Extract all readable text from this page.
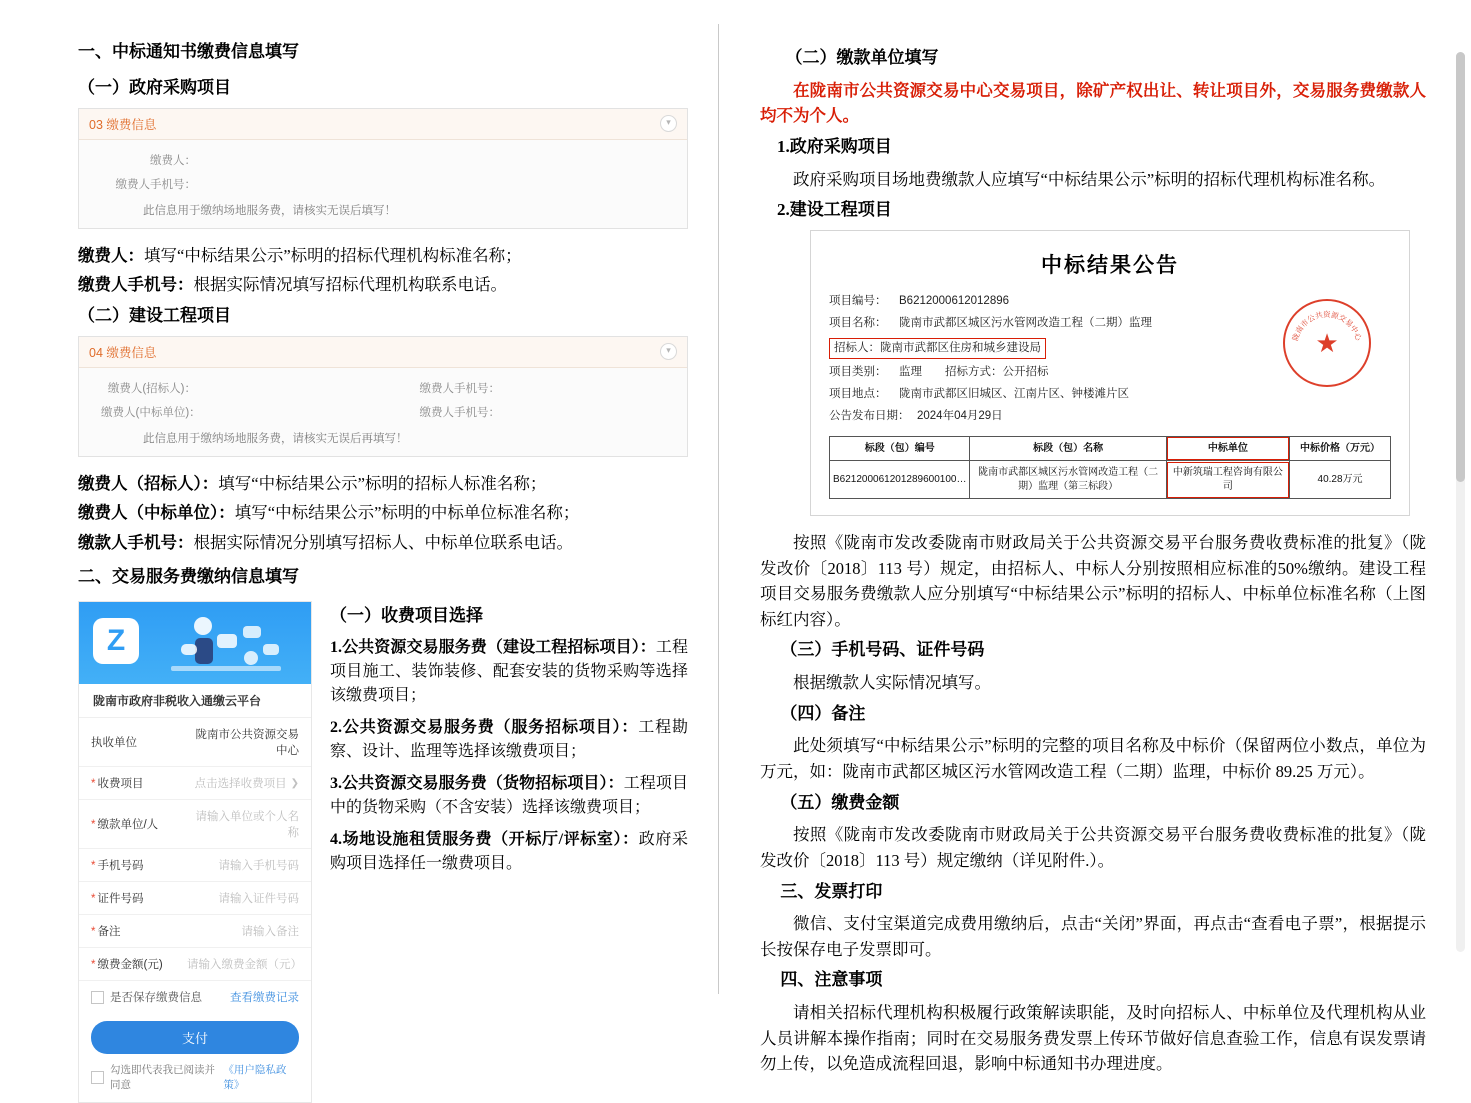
一、中标通知书缴费信息填写
（一）政府采购项目
03 缴费信息	▾
缴费人：
缴费人手机号：
此信息用于缴纳场地服务费，请核实无误后填写！

缴费人：填写“中标结果公示”标明的招标代理机构标准名称；

缴费人手机号：根据实际情况填写招标代理机构联系电话。

（二）建设工程项目
04 缴费信息	▾
缴费人(招标人)：	缴费人手机号：
缴费人(中标单位)：	缴费人手机号：
此信息用于缴纳场地服务费，请核实无误后再填写！

缴费人（招标人）：填写“中标结果公示”标明的招标人标准名称；

缴费人（中标单位）：填写“中标结果公示”标明的中标单位标准名称；

缴款人手机号：根据实际情况分别填写招标人、中标单位联系电话。

二、交易服务费缴纳信息填写
Z
陇南市政府非税收入通缴云平台
执收单位
陇南市公共资源交易中心
* 收费项目	点击选择收费项目 ❯
* 缴款单位/人
请输入单位或个人名称
* 手机号码	请输入手机号码
* 证件号码	请输入证件号码
* 备注	请输入备注
* 缴费金额(元)	请输入缴费金额（元）
是否保存缴费信息 查看缴费记录
支付
勾选即代表我已阅读并同意
《用户隐私政策》
（一）收费项目选择

1.公共资源交易服务费（建设工程招标项目）：工程项目施工、装饰装修、配套安装的货物采购等选择该缴费项目；

2.公共资源交易服务费（服务招标项目）：工程勘察、设计、监理等选择该缴费项目；

3.公共资源交易服务费（货物招标项目）：工程项目中的货物采购（不含安装）选择该缴费项目；

4.场地设施租赁服务费（开标厅/评标室）：政府采购项目选择任一缴费项目。

（二）缴款单位填写

在陇南市公共资源交易中心交易项目，除矿产权出让、转让项目外，交易服务费缴款人均不为个人。

1.政府采购项目

政府采购项目场地费缴款人应填写“中标结果公示”标明的招标代理机构标准名称。

2.建设工程项目
中标结果公告
★
陇南市公共资源交易中心
项目编号： B6212000612012896
项目名称： 陇南市武都区城区污水管网改造工程（二期）监理
招标人：陇南市武都区住房和城乡建设局
项目类别： 监理　　招标方式：公开招标
项目地点： 陇南市武都区旧城区、江南片区、钟楼滩片区
公告发布日期： 2024年04月29日
标段（包）编号	标段（包）名称	中标单位	中标价格（万元）
B621200061201289600100…	陇南市武都区城区污水管网改造工程（二期）监理（第三标段）	中新筑瑞工程咨询有限公司	40.28万元

按照《陇南市发改委陇南市财政局关于公共资源交易平台服务费收费标准的批复》（陇发改价〔2018〕113 号）规定，由招标人、中标人分别按照相应标准的50%缴纳。建设工程项目交易服务费缴款人应分别填写“中标结果公示”标明的招标人、中标单位标准名称（上图标红内容）。

（三）手机号码、证件号码

根据缴款人实际情况填写。

（四）备注

此处须填写“中标结果公示”标明的完整的项目名称及中标价（保留两位小数点，单位为万元，如：陇南市武都区城区污水管网改造工程（二期）监理，中标价 89.25 万元）。

（五）缴费金额

按照《陇南市发改委陇南市财政局关于公共资源交易平台服务费收费标准的批复》（陇发改价〔2018〕113 号）规定缴纳（详见附件.）。

三、发票打印

微信、支付宝渠道完成费用缴纳后，点击“关闭”界面，再点击“查看电子票”，根据提示长按保存电子发票即可。

四、注意事项

请相关招标代理机构积极履行政策解读职能，及时向招标人、中标单位及代理机构从业人员讲解本操作指南；同时在交易服务费发票上传环节做好信息查验工作，信息有误发票请勿上传，以免造成流程回退，影响中标通知书办理进度。
